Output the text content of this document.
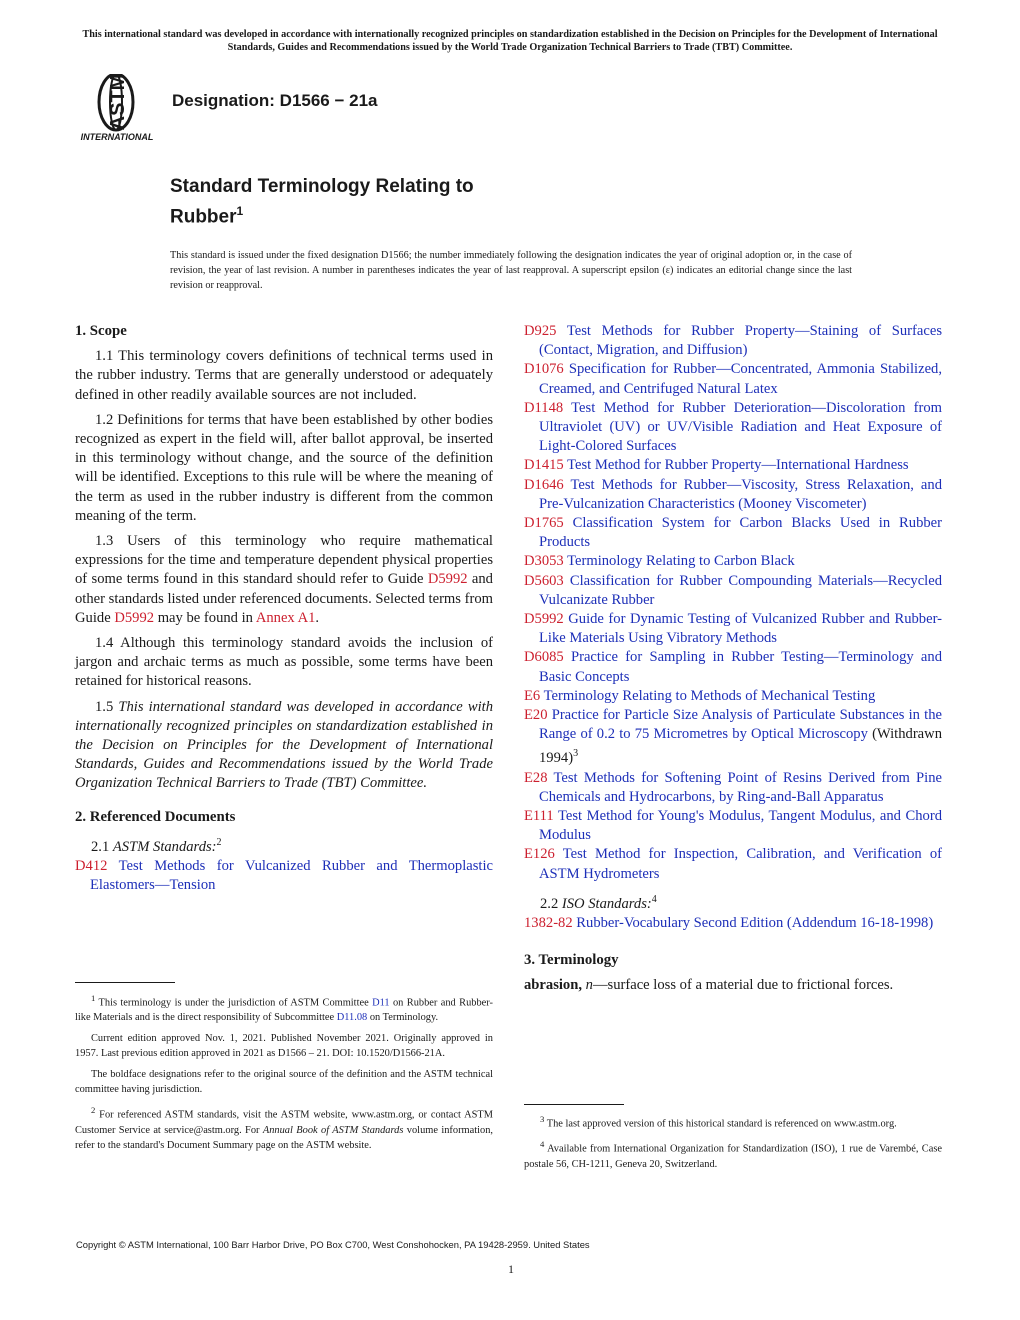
This international standard was developed in accordance with internationally recognized principles on standardization established in the Decision on Principles for the Development of International Standards, Guides and Recommendations issued by the World Trade Organization Technical Barriers to Trade (TBT) Committee.
ASTM
INTERNATIONAL
Designation: D1566 − 21a
Standard Terminology Relating to
Rubber$^1$
This standard is issued under the fixed designation D1566; the number immediately following the designation indicates the year of original adoption or, in the case of revision, the year of last revision. A number in parentheses indicates the year of last reapproval. A superscript epsilon (ε) indicates an editorial change since the last revision or reapproval.
1. Scope

1.1 This terminology covers definitions of technical terms used in the rubber industry. Terms that are generally understood or adequately defined in other readily available sources are not included.

1.2 Definitions for terms that have been established by other bodies recognized as expert in the field will, after ballot approval, be inserted in this terminology without change, and the source of the definition will be identified. Exceptions to this rule will be where the meaning of the term as used in the rubber industry is different from the common meaning of the term.

1.3 Users of this terminology who require mathematical expressions for the time and temperature dependent physical properties of some terms found in this standard should refer to Guide D5992 and other standards listed under referenced documents. Selected terms from Guide D5992 may be found in Annex A1.

1.4 Although this terminology standard avoids the inclusion of jargon and archaic terms as much as possible, some terms have been retained for historical reasons.

1.5 This international standard was developed in accordance with internationally recognized principles on standardization established in the Decision on Principles for the Development of International Standards, Guides and Recommendations issued by the World Trade Organization Technical Barriers to Trade (TBT) Committee.

2. Referenced Documents
2.1 ASTM Standards:$^2$
D412 Test Methods for Vulcanized Rubber and Thermoplastic Elastomers—Tension

$^1$ This terminology is under the jurisdiction of ASTM Committee D11 on Rubber and Rubber-like Materials and is the direct responsibility of Subcommittee D11.08 on Terminology.

Current edition approved Nov. 1, 2021. Published November 2021. Originally approved in 1957. Last previous edition approved in 2021 as D1566 – 21. DOI: 10.1520/D1566-21A.

The boldface designations refer to the original source of the definition and the ASTM technical committee having jurisdiction.

$^2$ For referenced ASTM standards, visit the ASTM website, www.astm.org, or contact ASTM Customer Service at service@astm.org. For Annual Book of ASTM Standards volume information, refer to the standard's Document Summary page on the ASTM website.

D925 Test Methods for Rubber Property—Staining of Surfaces (Contact, Migration, and Diffusion)
D1076 Specification for Rubber—Concentrated, Ammonia Stabilized, Creamed, and Centrifuged Natural Latex
D1148 Test Method for Rubber Deterioration—Discoloration from Ultraviolet (UV) or UV/Visible Radiation and Heat Exposure of Light-Colored Surfaces
D1415 Test Method for Rubber Property—International Hardness
D1646 Test Methods for Rubber—Viscosity, Stress Relaxation, and Pre-Vulcanization Characteristics (Mooney Viscometer)
D1765 Classification System for Carbon Blacks Used in Rubber Products
D3053 Terminology Relating to Carbon Black
D5603 Classification for Rubber Compounding Materials—Recycled Vulcanizate Rubber
D5992 Guide for Dynamic Testing of Vulcanized Rubber and Rubber-Like Materials Using Vibratory Methods
D6085 Practice for Sampling in Rubber Testing—Terminology and Basic Concepts
E6 Terminology Relating to Methods of Mechanical Testing
E20 Practice for Particle Size Analysis of Particulate Substances in the Range of 0.2 to 75 Micrometres by Optical Microscopy (Withdrawn 1994)$^3$
E28 Test Methods for Softening Point of Resins Derived from Pine Chemicals and Hydrocarbons, by Ring-and-Ball Apparatus
E111 Test Method for Young's Modulus, Tangent Modulus, and Chord Modulus
E126 Test Method for Inspection, Calibration, and Verification of ASTM Hydrometers
2.2 ISO Standards:$^4$
1382-82 Rubber-Vocabulary Second Edition (Addendum 16-18-1998)
3. Terminology

abrasion, n—surface loss of a material due to frictional forces.

$^3$ The last approved version of this historical standard is referenced on www.astm.org.

$^4$ Available from International Organization for Standardization (ISO), 1 rue de Varembé, Case postale 56, CH-1211, Geneva 20, Switzerland.

Copyright © ASTM International, 100 Barr Harbor Drive, PO Box C700, West Conshohocken, PA 19428-2959. United States
1
